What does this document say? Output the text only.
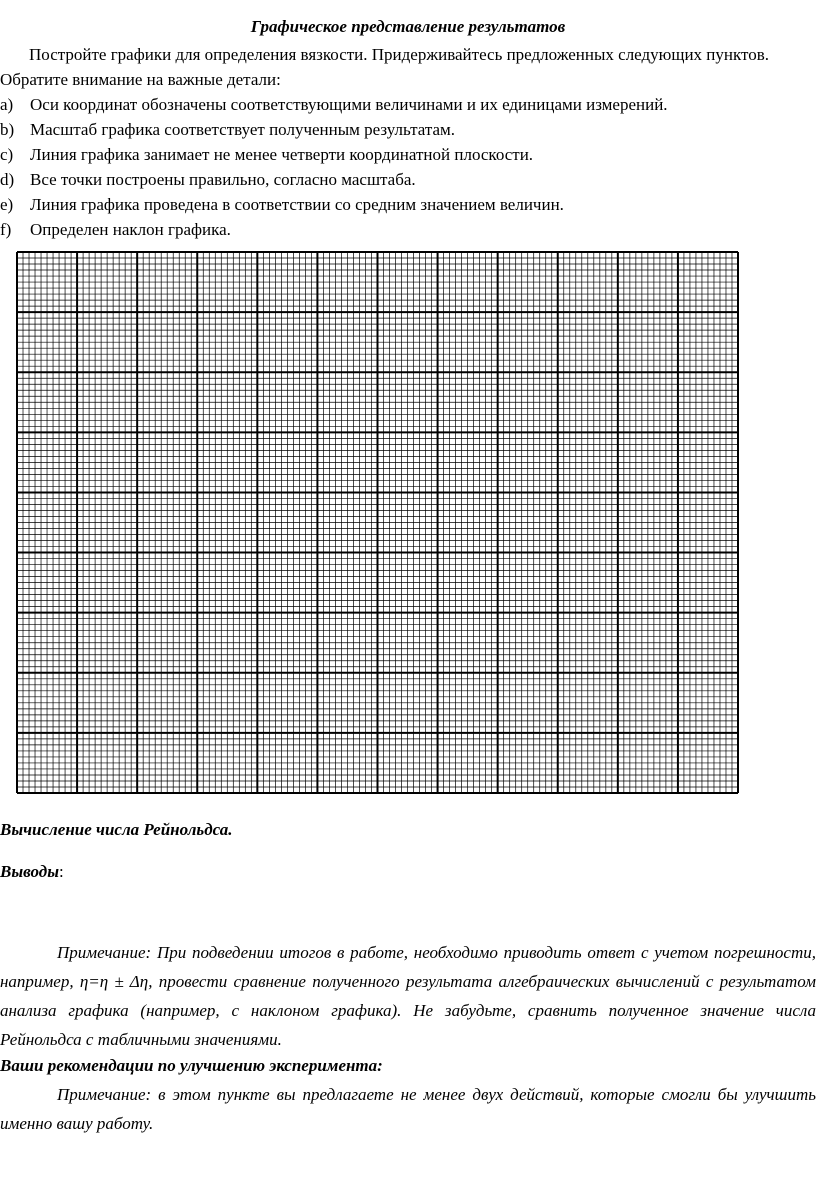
Графическое представление результатов
Постройте графики для определения вязкости. Придерживайтесь предложенных следующих пунктов. Обратите внимание на важные детали:
a) Оси координат обозначены соответствующими величинами и их единицами измерений.
b) Масштаб графика соответствует полученным результатам.
c) Линия графика занимает не менее четверти координатной плоскости.
d) Все точки построены правильно, согласно масштаба.
e) Линия графика проведена в соответствии со средним значением величин.
f)	Определен наклон графика.
Вычисление числа Рейнольдса.
Выводы:
Примечание: При подведении итогов в работе, необходимо приводить ответ с учетом погрешности, например, η=η ± Δη, провести сравнение полученного результата алгебраических вычислений с результатом анализа графика (например, с наклоном графика). Не забудьте, сравнить полученное значение числа Рейнольдса с табличными значениями.
Ваши рекомендации по улучшению эксперимента:
Примечание: в этом пункте вы предлагаете не менее двух действий, которые смогли бы улучшить именно вашу работу.
